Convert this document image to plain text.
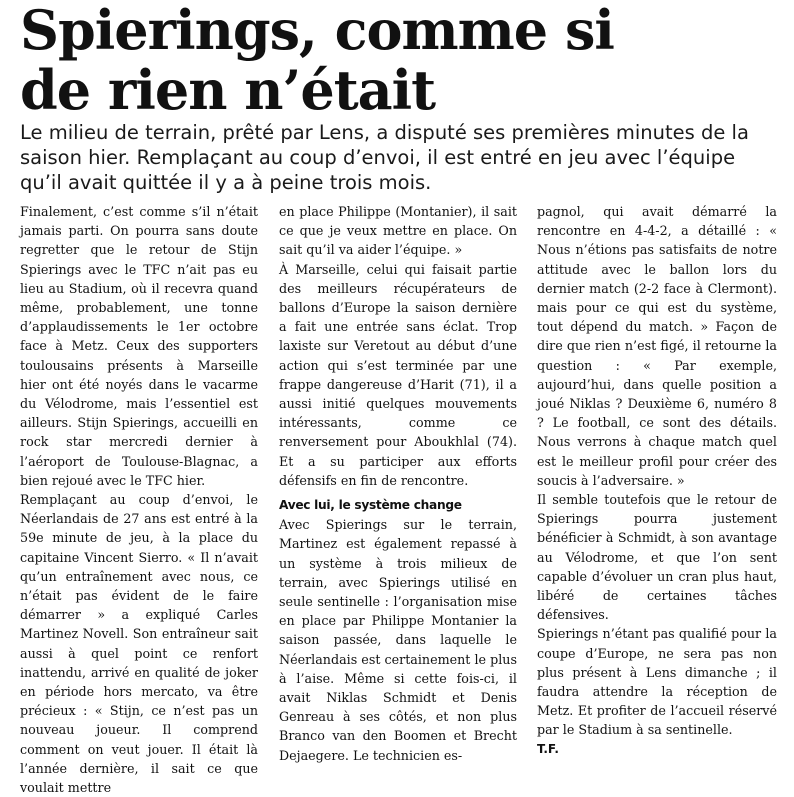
Spierings, comme si
de rien n’était
Le milieu de terrain, prêté par Lens, a disputé ses premières minutes de la
saison hier. Remplaçant au coup d’envoi, il est entré en jeu avec l’équipe
qu’il avait quittée il y a à peine trois mois.

Finalement, c’est comme s’il n’était jamais parti. On pourra sans doute regretter que le retour de Stijn Spierings avec le TFC n’ait pas eu lieu au Stadium, où il recevra quand même, probablement, une tonne d’applaudissements le 1er octobre face à Metz. Ceux des supporters toulousains présents à Marseille hier ont été noyés dans le vacarme du Vélodrome, mais l’essentiel est ailleurs. Stijn Spierings, accueilli en rock star mercredi dernier à l’aéroport de Toulouse-Blagnac, a bien rejoué avec le TFC hier.

Remplaçant au coup d’envoi, le Néerlandais de 27 ans est entré à la 59e minute de jeu, à la place du capitaine Vincent Sierro. « Il n’avait qu’un entraînement avec nous, ce n’était pas évident de le faire démarrer » a expliqué Carles Martinez Novell. Son entraîneur sait aussi à quel point ce renfort inattendu, arrivé en qualité de joker en période hors mercato, va être précieux : « Stijn, ce n’est pas un nouveau joueur. Il comprend comment on veut jouer. Il était là l’année dernière, il sait ce que voulait mettre

en place Philippe (Montanier), il sait ce que je veux mettre en place. On sait qu’il va aider l’équipe. »

À Marseille, celui qui faisait partie des meilleurs récupérateurs de ballons d’Europe la saison dernière a fait une entrée sans éclat. Trop laxiste sur Veretout au début d’une action qui s’est terminée par une frappe dangereuse d’Harit (71), il a aussi initié quelques mouvements intéressants, comme ce renversement pour Aboukhlal (74). Et a su participer aux efforts défensifs en fin de rencontre.

Avec lui, le système change

Avec Spierings sur le terrain, Martinez est également repassé à un système à trois milieux de terrain, avec Spierings utilisé en seule sentinelle : l’organisation mise en place par Philippe Montanier la saison passée, dans laquelle le Néerlandais est certainement le plus à l’aise. Même si cette fois-ci, il avait Niklas Schmidt et Denis Genreau à ses côtés, et non plus Branco van den Boomen et Brecht Dejaegere. Le technicien es-

pagnol, qui avait démarré la rencontre en 4-4-2, a détaillé : « Nous n’étions pas satisfaits de notre attitude avec le ballon lors du dernier match (2-2 face à Clermont). mais pour ce qui est du système, tout dépend du match. » Façon de dire que rien n’est figé, il retourne la question : « Par exemple, aujourd’hui, dans quelle position a joué Niklas ? Deuxième 6, numéro 8 ? Le football, ce sont des détails. Nous verrons à chaque match quel est le meilleur profil pour créer des soucis à l’adversaire. »

Il semble toutefois que le retour de Spierings pourra justement bénéficier à Schmidt, à son avantage au Vélodrome, et que l’on sent capable d’évoluer un cran plus haut, libéré de certaines tâches défensives.

Spierings n’étant pas qualifié pour la coupe d’Europe, ne sera pas non plus présent à Lens dimanche ; il faudra attendre la réception de Metz. Et profiter de l’accueil réservé par le Stadium à sa sentinelle.

T.F.
